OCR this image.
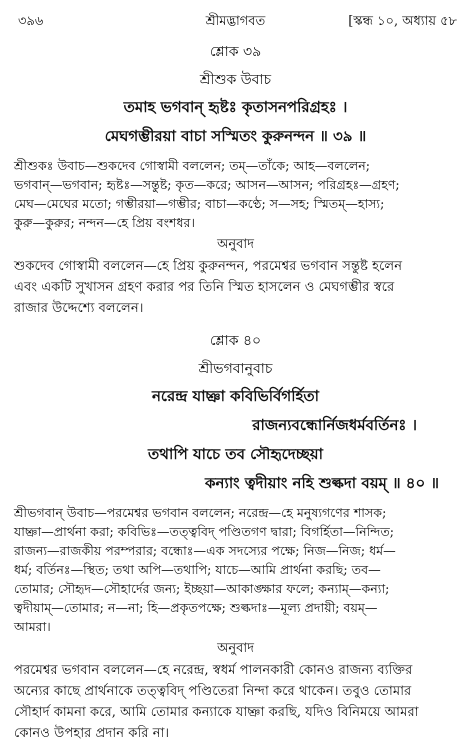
৩৯৬	শ্রীমদ্ভাগবত	[স্কন্ধ ১০, অধ্যায় ৫৮
শ্লোক ৩৯
শ্রীশুক উবাচ
তমাহ ভগবান্ হৃষ্টঃ কৃতাসনপরিগ্রহঃ ।
মেঘগম্ভীরয়া বাচা সস্মিতং কুরুনন্দন ॥ ৩৯ ॥
শ্রীশুকঃ উবাচ—শুকদেব গোস্বামী বললেন; তম্—তাঁকে; আহ—বললেন;
ভগবান্—ভগবান; হৃষ্টঃ—সন্তুষ্ট; কৃত—করে; আসন—আসন; পরিগ্রহঃ—গ্রহণ;
মেঘ—মেঘের মতো; গম্ভীরয়া—গম্ভীর; বাচা—কণ্ঠে; স—সহ; স্মিতম্—হাস্য;
কুরু—কুরুর; নন্দন—হে প্রিয় বংশধর।
অনুবাদ
শুকদেব গোস্বামী বললেন—হে প্রিয় কুরুনন্দন, পরমেশ্বর ভগবান সন্তুষ্ট হলেন
এবং একটি সুখাসন গ্রহণ করার পর তিনি স্মিত হাসলেন ও মেঘগম্ভীর স্বরে
রাজার উদ্দেশ্যে বললেন।
শ্লোক ৪০
শ্রীভগবানুবাচ
নরেন্দ্র যাচ্ঞা কবিভির্বিগর্হিতা
রাজন্যবন্ধোর্নিজধর্মবর্তিনঃ ।
তথাপি যাচে তব সৌহৃদেচ্ছয়া
কন্যাং ত্বদীয়াং নহি শুল্কদা বয়ম্ ॥ ৪০ ॥
শ্রীভগবান্ উবাচ—পরমেশ্বর ভগবান বললেন; নরেন্দ্র—হে মনুষ্যগণের শাসক;
যাচ্ঞা—প্রার্থনা করা; কবিভিঃ—তত্ত্ববিদ্ পণ্ডিতগণ দ্বারা; বিগর্হিতা—নিন্দিত;
রাজন্য—রাজকীয় পরম্পরার; বন্ধোঃ—এক সদস্যের পক্ষে; নিজ—নিজ; ধর্ম—
ধর্ম; বর্তিনঃ—স্থিত; তথা অপি—তথাপি; যাচে—আমি প্রার্থনা করছি; তব—
তোমার; সৌহৃদ—সৌহার্দের জন্য; ইচ্ছয়া—আকাঙ্ক্ষার ফলে; কন্যাম্—কন্যা;
ত্বদীয়াম্—তোমার; ন—না; হি—প্রকৃতপক্ষে; শুল্কদাঃ—মূল্য প্রদায়ী; বয়ম্—
আমরা।
অনুবাদ
পরমেশ্বর ভগবান বললেন—হে নরেন্দ্র, স্বধর্ম পালনকারী কোনও রাজন্য ব্যক্তির
অন্যের কাছে প্রার্থনাকে তত্ত্ববিদ্ পণ্ডিতেরা নিন্দা করে থাকেন। তবুও তোমার
সৌহার্দ কামনা করে, আমি তোমার কন্যাকে যাচ্ঞা করছি, যদিও বিনিময়ে আমরা
কোনও উপহার প্রদান করি না।
